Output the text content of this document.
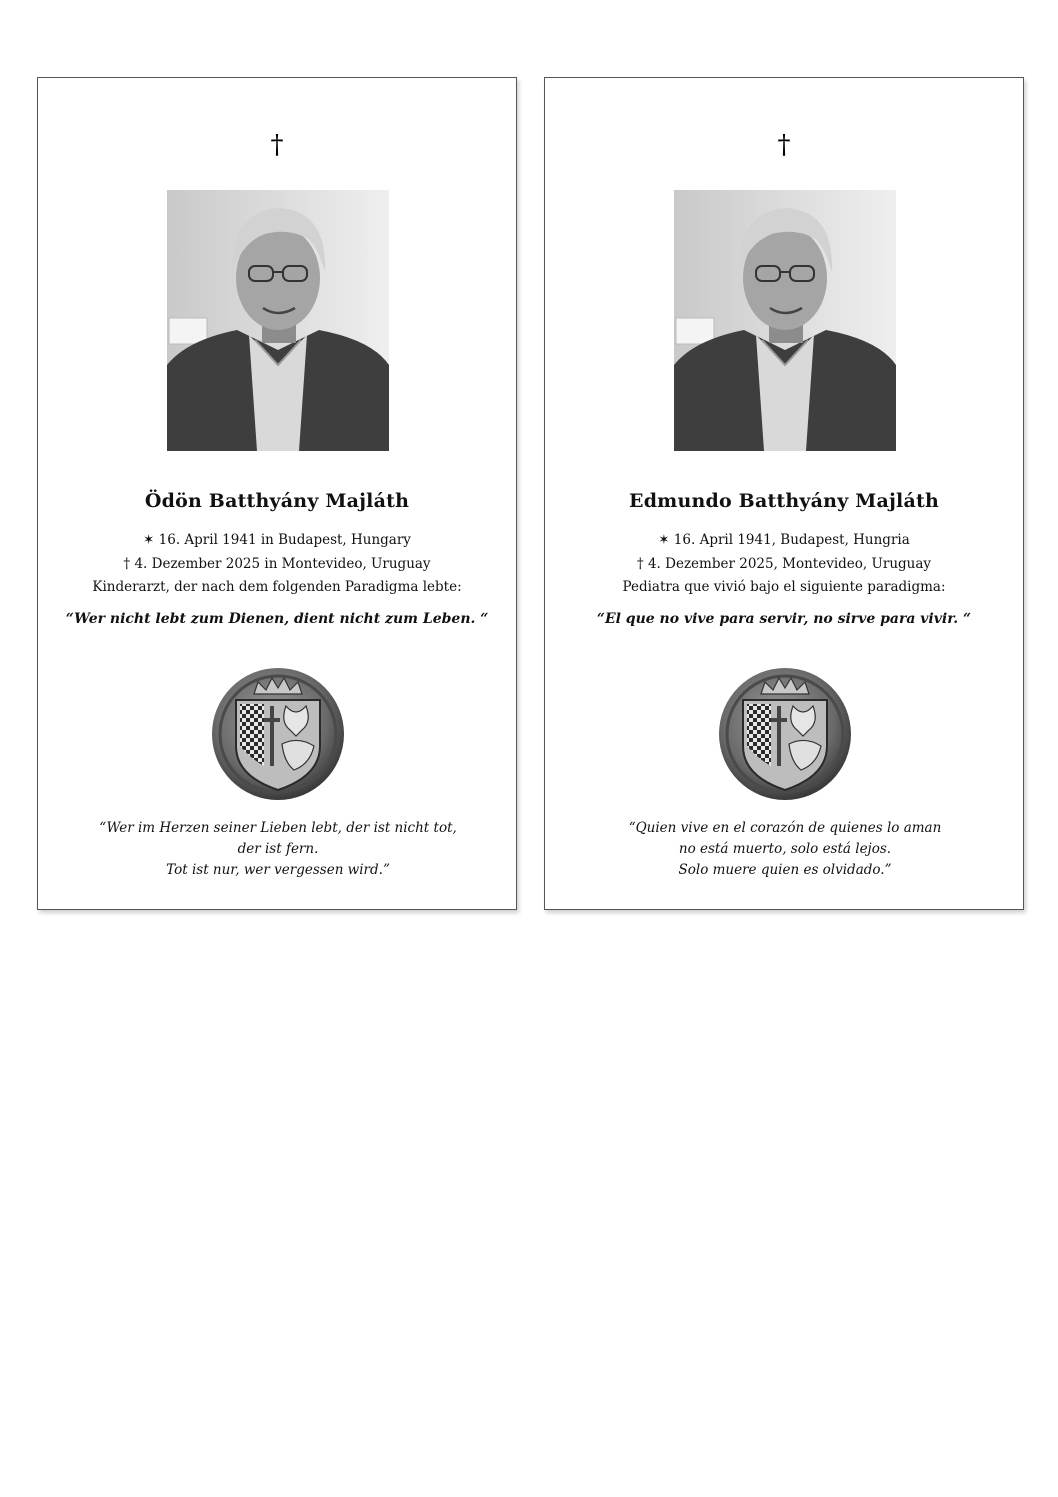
†
Ödön Batthyány Majláth
✶ 16. April 1941 in Budapest, Hungary
† 4. Dezember 2025 in Montevideo, Uruguay
Kinderarzt, der nach dem folgenden Paradigma lebte:
“Wer nicht lebt zum Dienen, dient nicht zum Leben. “
“Wer im Herzen seiner Lieben lebt, der ist nicht tot,
der ist fern.
Tot ist nur, wer vergessen wird.”
†
Edmundo Batthyány Majláth
✶ 16. April 1941, Budapest, Hungria
† 4. Dezember 2025, Montevideo, Uruguay
Pediatra que vivió bajo el siguiente paradigma:
“El que no vive para servir, no sirve para vivir. “
“Quien vive en el corazón de quienes lo aman
no está muerto, solo está lejos.
Solo muere quien es olvidado.”
